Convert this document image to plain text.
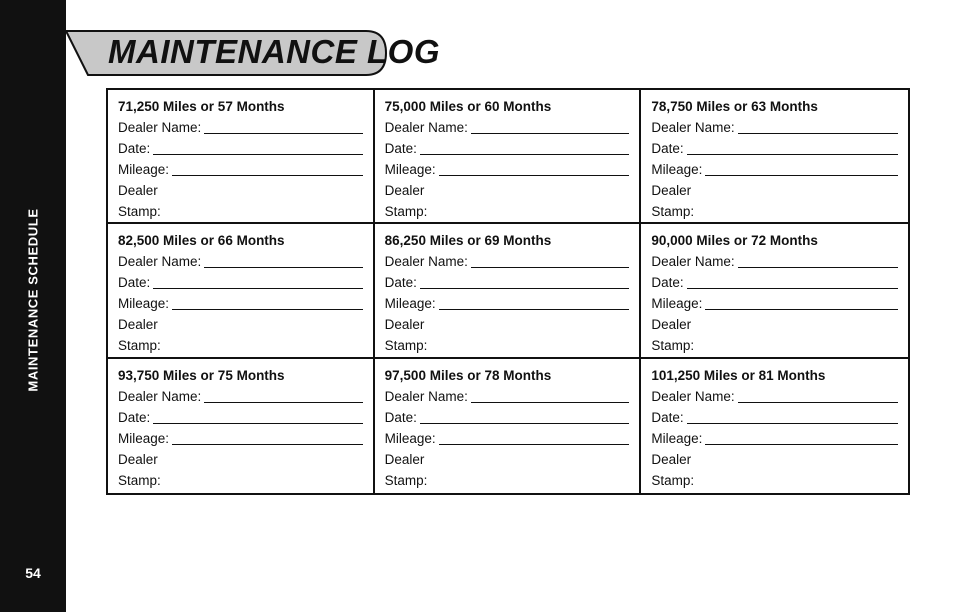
MAINTENANCE SCHEDULE
54
MAINTENANCE LOG
71,250 Miles or 57 Months
Dealer Name:
Date:
Mileage:
Dealer
Stamp:
75,000 Miles or 60 Months
Dealer Name:
Date:
Mileage:
Dealer
Stamp:
78,750 Miles or 63 Months
Dealer Name:
Date:
Mileage:
Dealer
Stamp:
82,500 Miles or 66 Months
Dealer Name:
Date:
Mileage:
Dealer
Stamp:
86,250 Miles or 69 Months
Dealer Name:
Date:
Mileage:
Dealer
Stamp:
90,000 Miles or 72 Months
Dealer Name:
Date:
Mileage:
Dealer
Stamp:
93,750 Miles or 75 Months
Dealer Name:
Date:
Mileage:
Dealer
Stamp:
97,500 Miles or 78 Months
Dealer Name:
Date:
Mileage:
Dealer
Stamp:
101,250 Miles or 81 Months
Dealer Name:
Date:
Mileage:
Dealer
Stamp:
